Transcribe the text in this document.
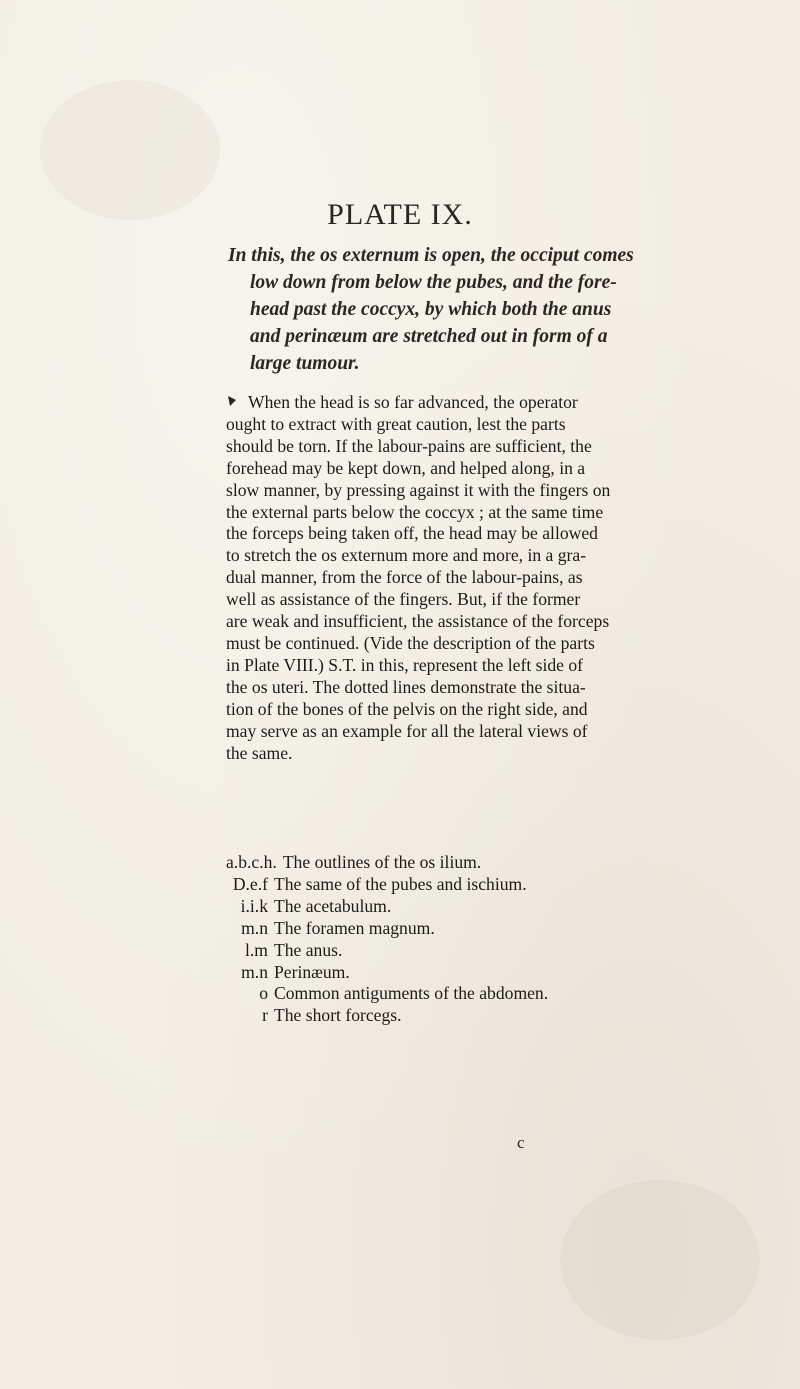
PLATE IX.
In this, the os externum is open, the occiput comes
low down from below the pubes, and the fore-
head past the coccyx, by which both the anus
and perinæum are stretched out in form of a
large tumour.
When the head is so far advanced, the operator
ought to extract with great caution, lest the parts
should be torn. If the labour-pains are sufficient, the
forehead may be kept down, and helped along, in a
slow manner, by pressing against it with the fingers on
the external parts below the coccyx ; at the same time
the forceps being taken off, the head may be allowed
to stretch the os externum more and more, in a gra-
dual manner, from the force of the labour-pains, as
well as assistance of the fingers. But, if the former
are weak and insufficient, the assistance of the forceps
must be continued. (Vide the description of the parts
in Plate VIII.) S.T. in this, represent the left side of
the os uteri. The dotted lines demonstrate the situa-
tion of the bones of the pelvis on the right side, and
may serve as an example for all the lateral views of
the same.
a.b.c.h. The outlines of the os ilium.
D.e.f The same of the pubes and ischium.
i.i.k The acetabulum.
m.n The foramen magnum.
l.m The anus.
m.n Perinæum.
o Common antiguments of the abdomen.
r The short forcegs.
c
